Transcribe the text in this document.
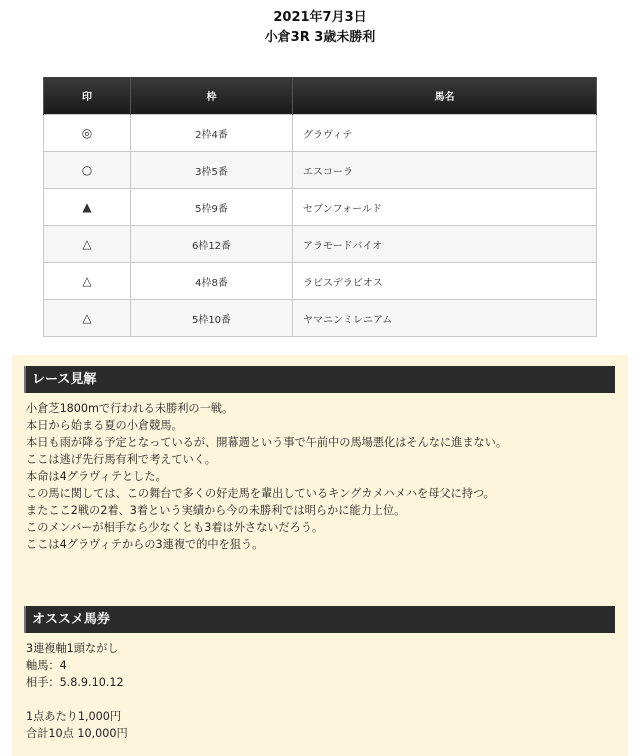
2021年7月3日
小倉3R 3歳未勝利
印	枠	馬名
◎	2枠4番	グラヴィテ
○	3枠5番	エスコーラ
▲	5枠9番	セブンフォールド
△	6枠12番	アラモードバイオ
△	4枠8番	ラビスデラビオス
△	5枠10番	ヤマニンミレニアム
レース見解
小倉芝1800mで行われる未勝利の一戦。
本日から始まる夏の小倉競馬。
本日も雨が降る予定となっているが、開幕週という事で午前中の馬場悪化はそんなに進まない。
ここは逃げ先行馬有利で考えていく。
本命は4グラヴィテとした。
この馬に関しては、この舞台で多くの好走馬を輩出しているキングカメハメハを母父に持つ。
またここ2戦の2着、3着という実績から今の未勝利では明らかに能力上位。
このメンバーが相手なら少なくとも3着は外さないだろう。
ここは4グラヴィテからの3連複で的中を狙う。
オススメ馬券
3連複軸1頭ながし
軸馬：4
相手：5.8.9.10.12
1点あたり1,000円
合計10点 10,000円
